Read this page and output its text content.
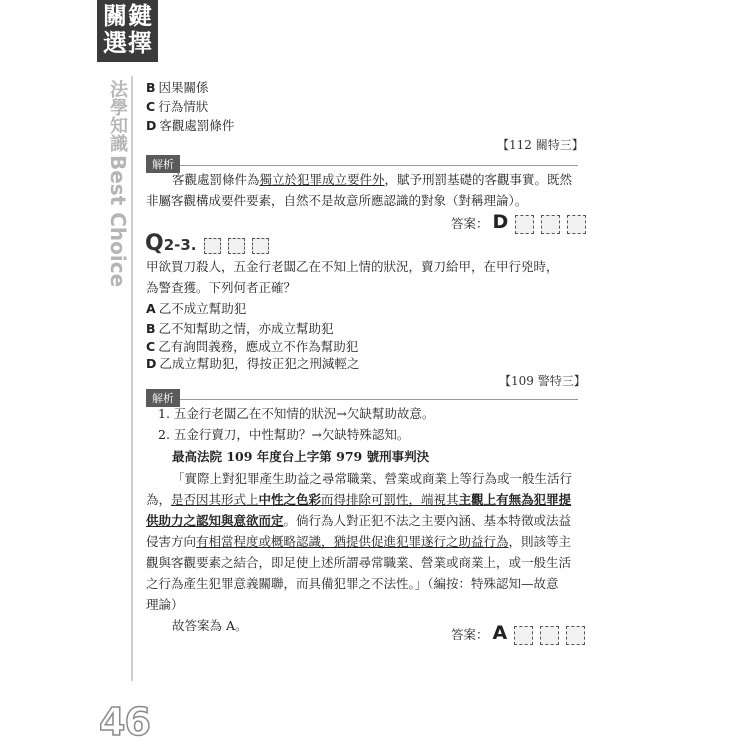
關鍵
選擇
法學知識
Best Choice
46
B 因果關係
C 行為情狀
D 客觀處罰條件
【112 關特三】
解析
客觀處罰條件為獨立於犯罪成立要件外，賦予刑罰基礎的客觀事實。既然
非屬客觀構成要件要素，自然不是故意所應認識的對象（對稱理論）。
答案： D
Q2-3.
甲欲買刀殺人，五金行老闆乙在不知上情的狀況，賣刀給甲，在甲行兇時，
為警查獲。下列何者正確？
A 乙不成立幫助犯
B 乙不知幫助之情，亦成立幫助犯
C 乙有詢問義務，應成立不作為幫助犯
D 乙成立幫助犯，得按正犯之刑減輕之
【109 警特三】
解析
1. 五金行老闆乙在不知情的狀況→欠缺幫助故意。
2. 五金行賣刀，中性幫助？→欠缺特殊認知。
最高法院 109 年度台上字第 979 號刑事判決
「實際上對犯罪產生助益之尋常職業、營業或商業上等行為或一般生活行
為，是否因其形式上中性之色彩而得排除可罰性，端視其主觀上有無為犯罪提
供助力之認知與意欲而定。倘行為人對正犯不法之主要內涵、基本特徵或法益
侵害方向有相當程度或概略認識，猶提供促進犯罪遂行之助益行為，則該等主
觀與客觀要素之結合，即足使上述所謂尋常職業、營業或商業上，或一般生活
之行為產生犯罪意義關聯，而具備犯罪之不法性。」（編按：特殊認知—故意
理論）
故答案為 A。
答案： A
